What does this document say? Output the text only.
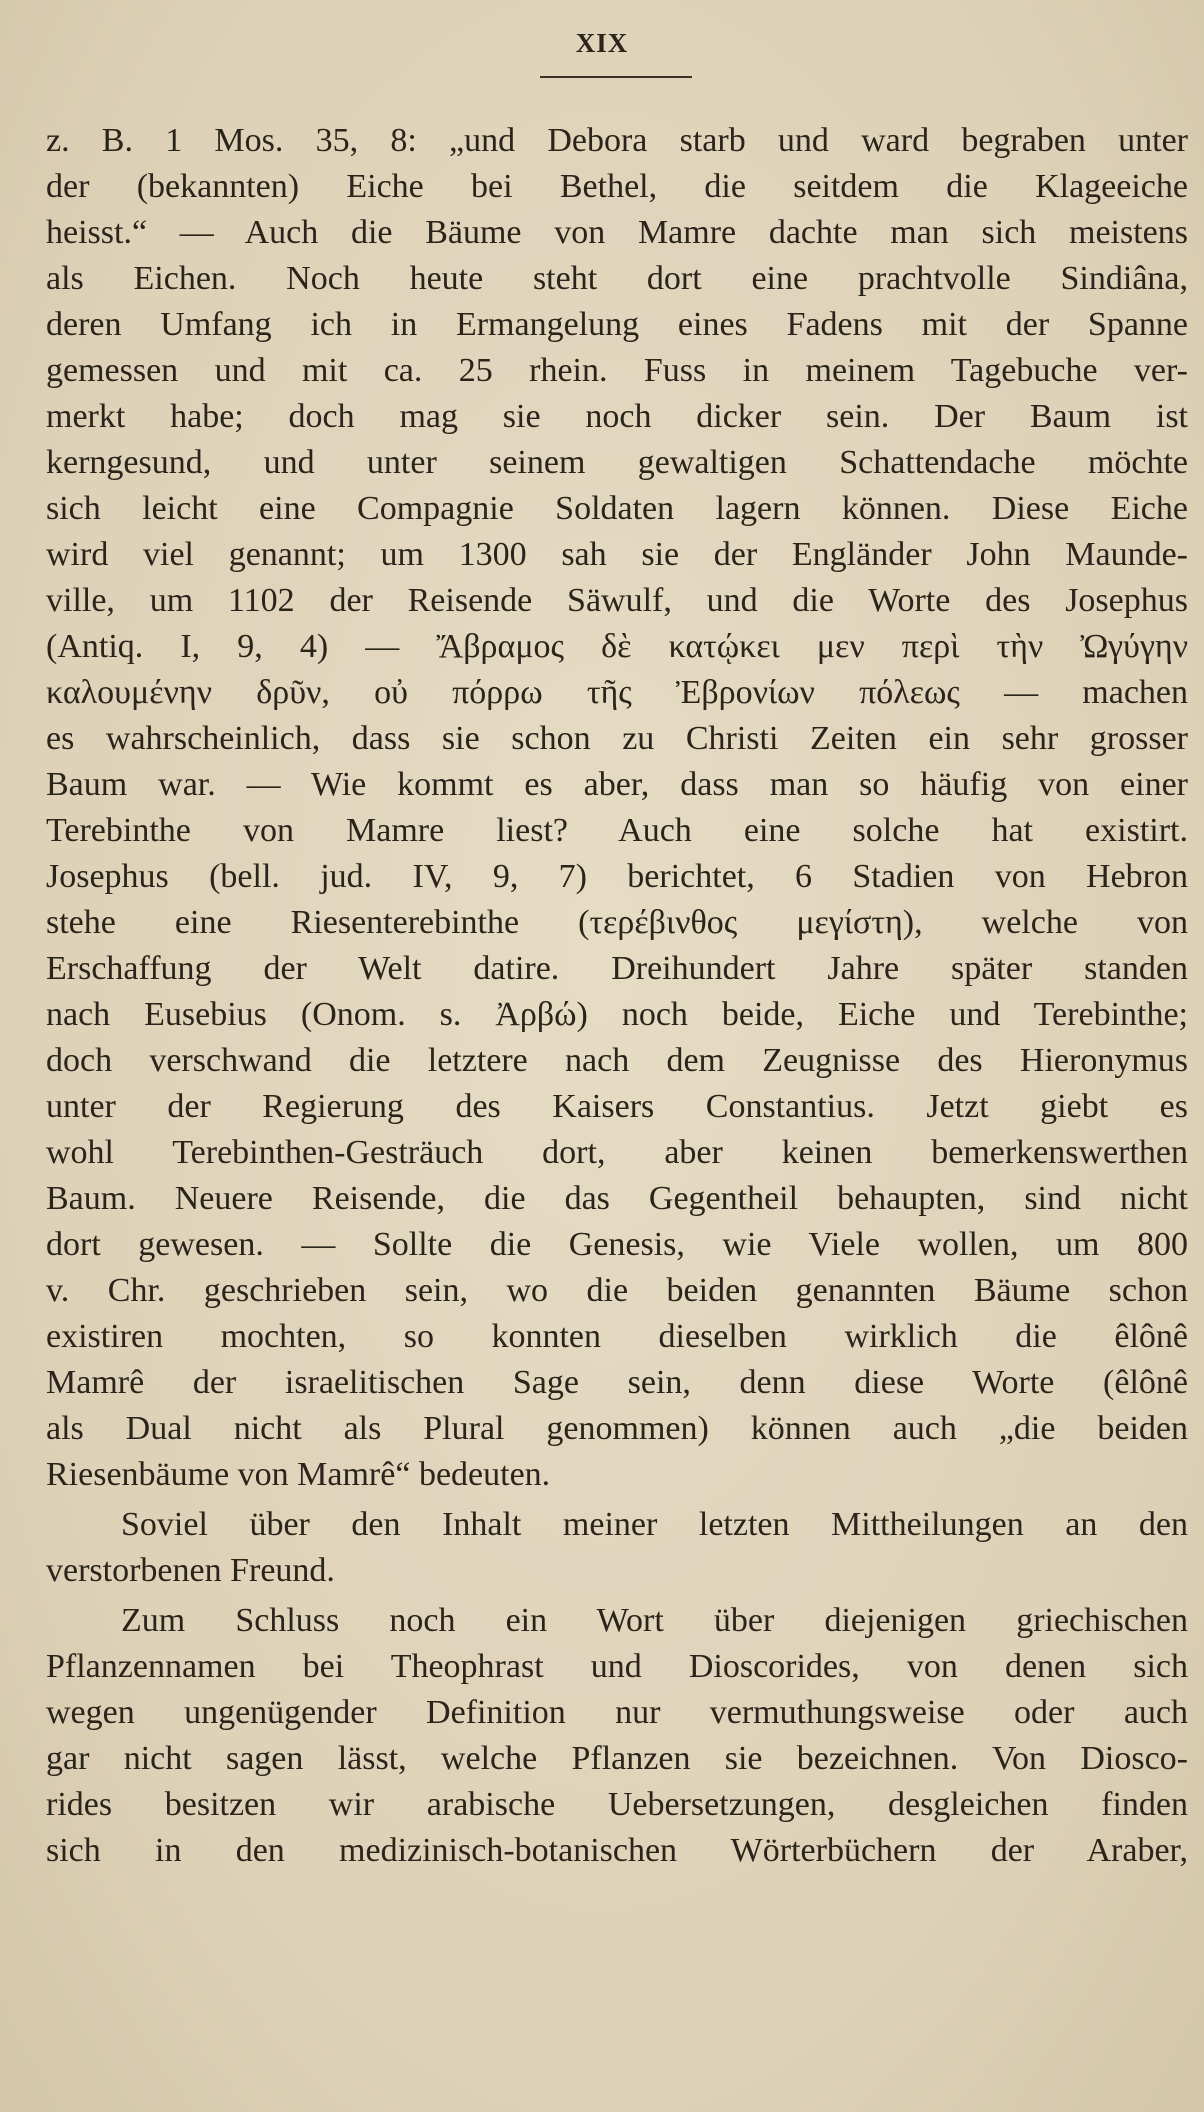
XIX
z. B. 1 Mos. 35, 8: „und Debora starb und ward begraben unter
der (bekannten) Eiche bei Bethel, die seitdem die Klageeiche
heisst.“ — Auch die Bäume von Mamre dachte man sich meistens
als Eichen. Noch heute steht dort eine prachtvolle Sindiâna,
deren Umfang ich in Ermangelung eines Fadens mit der Spanne
gemessen und mit ca. 25 rhein. Fuss in meinem Tagebuche ver-
merkt habe; doch mag sie noch dicker sein. Der Baum ist
kerngesund, und unter seinem gewaltigen Schattendache möchte
sich leicht eine Compagnie Soldaten lagern können. Diese Eiche
wird viel genannt; um 1300 sah sie der Engländer John Maunde-
ville, um 1102 der Reisende Säwulf, und die Worte des Josephus
(Antiq. I, 9, 4) — Ἄβραμος δὲ κατῴκει μεν περὶ τὴν Ὠγύγην
καλουμένην δρῦν, οὐ πόρρω τῆς Ἐβρονίων πόλεως — machen
es wahrscheinlich, dass sie schon zu Christi Zeiten ein sehr grosser
Baum war. — Wie kommt es aber, dass man so häufig von einer
Terebinthe von Mamre liest? Auch eine solche hat existirt.
Josephus (bell. jud. IV, 9, 7) berichtet, 6 Stadien von Hebron
stehe eine Riesenterebinthe (τερέβινθος μεγίστη), welche von
Erschaffung der Welt datire. Dreihundert Jahre später standen
nach Eusebius (Onom. s. Ἀρβώ) noch beide, Eiche und Terebinthe;
doch verschwand die letztere nach dem Zeugnisse des Hieronymus
unter der Regierung des Kaisers Constantius. Jetzt giebt es
wohl Terebinthen-Gesträuch dort, aber keinen bemerkenswerthen
Baum. Neuere Reisende, die das Gegentheil behaupten, sind nicht
dort gewesen. — Sollte die Genesis, wie Viele wollen, um 800
v. Chr. geschrieben sein, wo die beiden genannten Bäume schon
existiren mochten, so konnten dieselben wirklich die êlônê
Mamrê der israelitischen Sage sein, denn diese Worte (êlônê
als Dual nicht als Plural genommen) können auch „die beiden
Riesenbäume von Mamrê“ bedeuten.
Soviel über den Inhalt meiner letzten Mittheilungen an den
verstorbenen Freund.
Zum Schluss noch ein Wort über diejenigen griechischen
Pflanzennamen bei Theophrast und Dioscorides, von denen sich
wegen ungenügender Definition nur vermuthungsweise oder auch
gar nicht sagen lässt, welche Pflanzen sie bezeichnen. Von Diosco-
rides besitzen wir arabische Uebersetzungen, desgleichen finden
sich in den medizinisch-botanischen Wörterbüchern der Araber,
